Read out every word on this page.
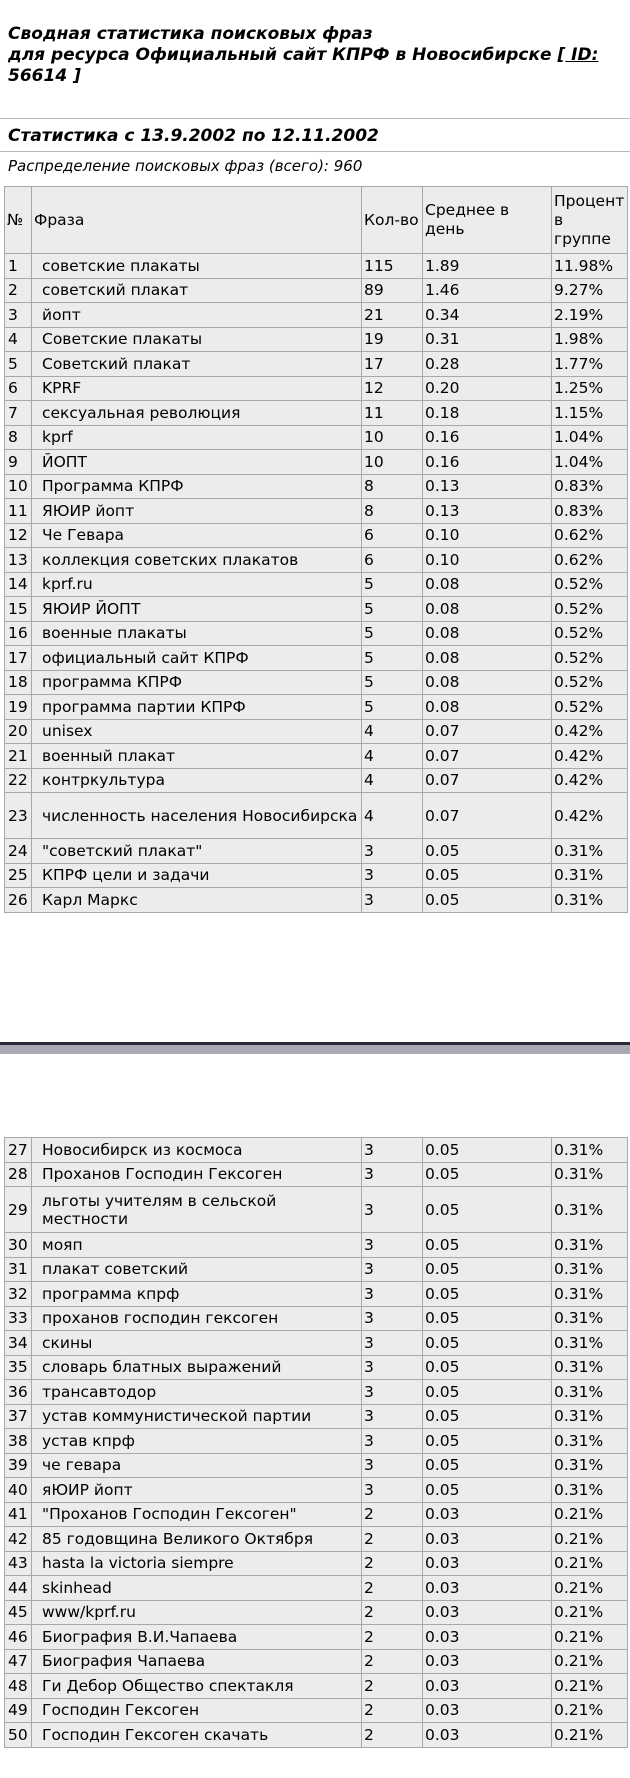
Сводная статистика поисковых фраз
для ресурса Официальный сайт КПРФ в Новосибирске [ ID:
56614 ]
Статистика с 13.9.2002 по 12.11.2002
Распределение поисковых фраз (всего): 960
№	Фраза	Кол-во	Среднее в день	Процент в группе
1	советские плакаты	115	1.89	11.98%
2	советский плакат	89	1.46	9.27%
3	йопт	21	0.34	2.19%
4	Советские плакаты	19	0.31	1.98%
5	Советский плакат	17	0.28	1.77%
6	KPRF	12	0.20	1.25%
7	сексуальная революция	11	0.18	1.15%
8	kprf	10	0.16	1.04%
9	ЙОПТ	10	0.16	1.04%
10	Программа КПРФ	8	0.13	0.83%
11	ЯЮИР йопт	8	0.13	0.83%
12	Че Гевара	6	0.10	0.62%
13	коллекция советских плакатов	6	0.10	0.62%
14	kprf.ru	5	0.08	0.52%
15	ЯЮИР ЙОПТ	5	0.08	0.52%
16	военные плакаты	5	0.08	0.52%
17	официальный сайт КПРФ	5	0.08	0.52%
18	программа КПРФ	5	0.08	0.52%
19	программа партии КПРФ	5	0.08	0.52%
20	unisex	4	0.07	0.42%
21	военный плакат	4	0.07	0.42%
22	контркультура	4	0.07	0.42%
23	численность населения Новосибирска	4	0.07	0.42%
24	"советский плакат"	3	0.05	0.31%
25	КПРФ цели и задачи	3	0.05	0.31%
26	Карл Маркс	3	0.05	0.31%
27	Новосибирск из космоса	3	0.05	0.31%
28	Проханов Господин Гексоген	3	0.05	0.31%
29	льготы учителям в сельской местности	3	0.05	0.31%
30	мояп	3	0.05	0.31%
31	плакат советский	3	0.05	0.31%
32	программа кпрф	3	0.05	0.31%
33	проханов господин гексоген	3	0.05	0.31%
34	скины	3	0.05	0.31%
35	словарь блатных выражений	3	0.05	0.31%
36	трансавтодор	3	0.05	0.31%
37	устав коммунистической партии	3	0.05	0.31%
38	устав кпрф	3	0.05	0.31%
39	че гевара	3	0.05	0.31%
40	яЮИР йопт	3	0.05	0.31%
41	"Проханов Господин Гексоген"	2	0.03	0.21%
42	85 годовщина Великого Октября	2	0.03	0.21%
43	hasta la victoria siempre	2	0.03	0.21%
44	skinhead	2	0.03	0.21%
45	www/kprf.ru	2	0.03	0.21%
46	Биография В.И.Чапаева	2	0.03	0.21%
47	Биография Чапаева	2	0.03	0.21%
48	Ги Дебор Общество спектакля	2	0.03	0.21%
49	Господин Гексоген	2	0.03	0.21%
50	Господин Гексоген скачать	2	0.03	0.21%
